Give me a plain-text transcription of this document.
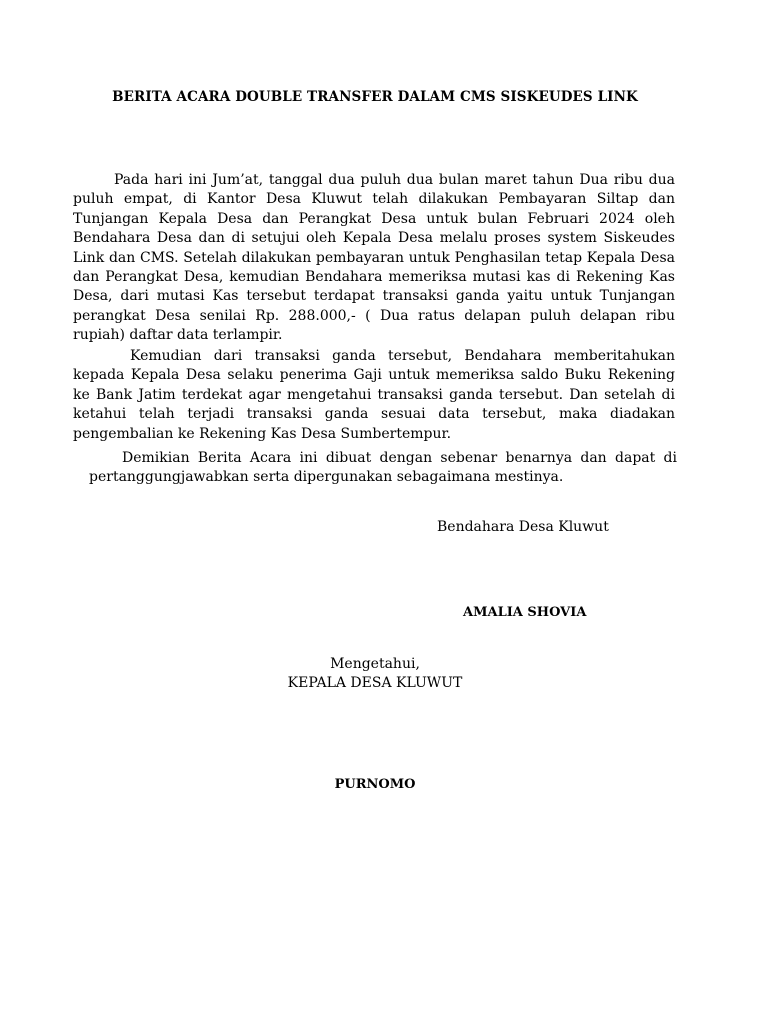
BERITA ACARA DOUBLE TRANSFER DALAM CMS SISKEUDES LINK

Pada hari ini Jum’at, tanggal dua puluh dua bulan maret tahun Dua ribu dua puluh empat, di Kantor Desa Kluwut telah dilakukan Pembayaran Siltap dan Tunjangan Kepala Desa dan Perangkat Desa untuk bulan Februari 2024 oleh Bendahara Desa dan di setujui oleh Kepala Desa melalu proses system Siskeudes Link dan CMS. Setelah dilakukan pembayaran untuk Penghasilan tetap Kepala Desa dan Perangkat Desa, kemudian Bendahara memeriksa mutasi kas di Rekening Kas Desa, dari mutasi Kas tersebut terdapat transaksi ganda yaitu untuk Tunjangan perangkat Desa senilai Rp. 288.000,- ( Dua ratus delapan puluh delapan ribu rupiah) daftar data terlampir.

Kemudian dari transaksi ganda tersebut, Bendahara memberitahukan kepada Kepala Desa selaku penerima Gaji untuk memeriksa saldo Buku Rekening ke Bank Jatim terdekat agar mengetahui transaksi ganda tersebut. Dan setelah di ketahui telah terjadi transaksi ganda sesuai data tersebut, maka diadakan pengembalian ke Rekening Kas Desa Sumbertempur.

Demikian Berita Acara ini dibuat dengan sebenar benarnya dan dapat di pertanggungjawabkan serta dipergunakan sebagaimana mestinya.

Bendahara Desa Kluwut
AMALIA SHOVIA
Mengetahui,
KEPALA DESA KLUWUT
PURNOMO
